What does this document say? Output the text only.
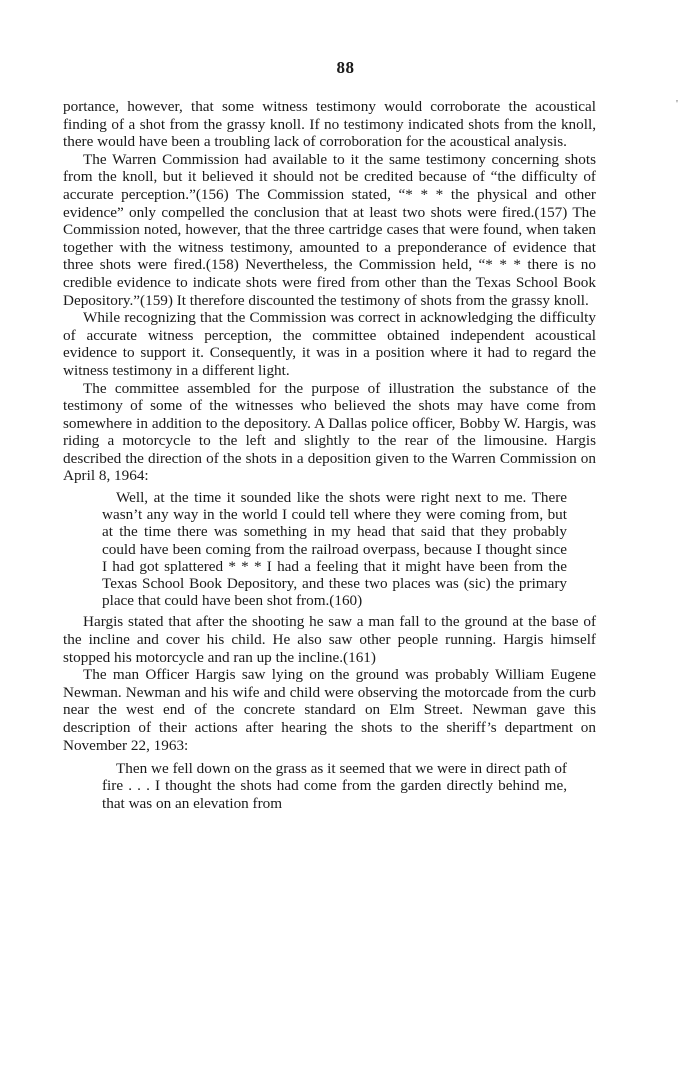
88
'

portance, however, that some witness testimony would corroborate the acoustical finding of a shot from the grassy knoll. If no testimony indicated shots from the knoll, there would have been a troubling lack of corroboration for the acoustical analysis.

The Warren Commission had available to it the same testimony concerning shots from the knoll, but it believed it should not be credited because of “the difficulty of accurate perception.”(156) The Commission stated, “* * * the physical and other evidence” only compelled the conclusion that at least two shots were fired.(157) The Commission noted, however, that the three cartridge cases that were found, when taken together with the witness testimony, amounted to a preponderance of evidence that three shots were fired.(158) Nevertheless, the Commission held, “* * * there is no credible evidence to indicate shots were fired from other than the Texas School Book Depository.”(159) It therefore discounted the testimony of shots from the grassy knoll.

While recognizing that the Commission was correct in acknowledging the difficulty of accurate witness perception, the committee obtained independent acoustical evidence to support it. Consequently, it was in a position where it had to regard the witness testimony in a different light.

The committee assembled for the purpose of illustration the substance of the testimony of some of the witnesses who believed the shots may have come from somewhere in addition to the depository. A Dallas police officer, Bobby W. Hargis, was riding a motorcycle to the left and slightly to the rear of the limousine. Hargis described the direction of the shots in a deposition given to the Warren Commission on April 8, 1964:

Well, at the time it sounded like the shots were right next to me. There wasn’t any way in the world I could tell where they were coming from, but at the time there was something in my head that said that they probably could have been coming from the railroad overpass, because I thought since I had got splattered * * * I had a feeling that it might have been from the Texas School Book Depository, and these two places was (sic) the primary place that could have been shot from.(160)

Hargis stated that after the shooting he saw a man fall to the ground at the base of the incline and cover his child. He also saw other people running. Hargis himself stopped his motorcycle and ran up the incline.(161)

The man Officer Hargis saw lying on the ground was probably William Eugene Newman. Newman and his wife and child were observing the motorcade from the curb near the west end of the concrete standard on Elm Street. Newman gave this description of their actions after hearing the shots to the sheriff’s department on November 22, 1963:

Then we fell down on the grass as it seemed that we were in direct path of fire . . . I thought the shots had come from the garden directly behind me, that was on an elevation from
